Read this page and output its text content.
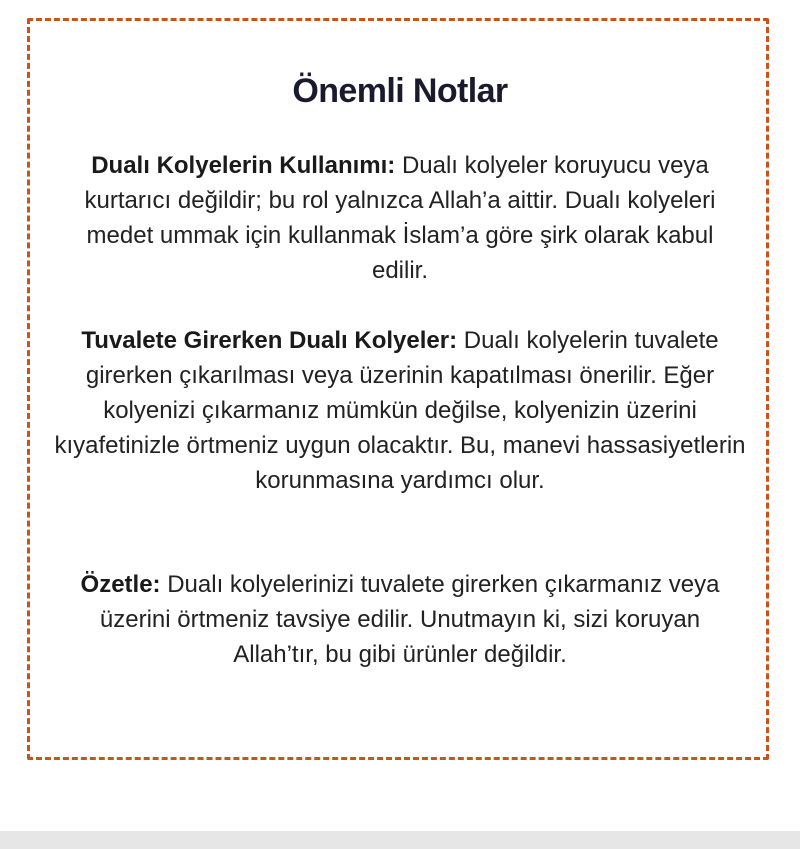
Önemli Notlar

Dualı Kolyelerin Kullanımı: Dualı kolyeler koruyucu veya kurtarıcı değildir; bu rol yalnızca Allah’a aittir. Dualı kolyeleri medet ummak için kullanmak İslam’a göre şirk olarak kabul edilir.

Tuvalete Girerken Dualı Kolyeler: Dualı kolyelerin tuvalete girerken çıkarılması veya üzerinin kapatılması önerilir. Eğer kolyenizi çıkarmanız mümkün değilse, kolyenizin üzerini kıyafetinizle örtmeniz uygun olacaktır. Bu, manevi hassasiyetlerin korunmasına yardımcı olur.

Özetle: Dualı kolyelerinizi tuvalete girerken çıkarmanız veya üzerini örtmeniz tavsiye edilir. Unutmayın ki, sizi koruyan Allah’tır, bu gibi ürünler değildir.
